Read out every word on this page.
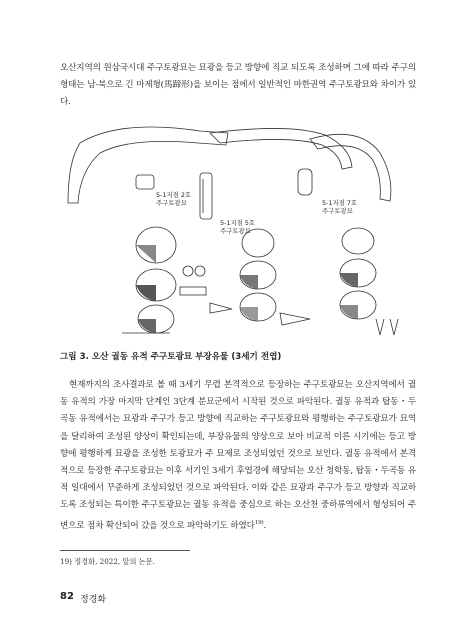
오산지역의 원삼국시대 주구토광묘는 묘광을 등고 방향에 직교 되도록 조성하며 그에 따라 주구의 형태는 남-북으로 긴 마제형(馬蹄形)을 보이는 점에서 일반적인 마한권역 주구토광묘와 차이가 있다.

5-1지점 2호 주구토광묘
5-1지점 5호 주구토광묘
5-1지점 7호 주구토광묘
그림 3. 오산 궐동 유적 주구토광묘 부장유물 (3세기 전엽)

현재까지의 조사결과로 볼 때 3세기 무렵 본격적으로 등장하는 주구토광묘는 오산지역에서 궐동 유적의 가장 마지막 단계인 3단계 분묘군에서 시작된 것으로 파악된다. 궐동 유적과 탑동・두곡동 유적에서는 묘광과 주구가 등고 방향에 직교하는 주구토광묘와 평행하는 주구토광묘가 묘역을 달리하여 조성된 양상이 확인되는데, 부장유물의 양상으로 보아 비교적 이른 시기에는 등고 방향에 평행하게 묘광을 조성한 토광묘가 주 묘제로 조성되었던 것으로 보인다. 궐동 유적에서 본격적으로 등장한 주구토광묘는 이후 서기인 3세기 후엽경에 해당되는 오산 청학동, 탑동・두곡동 유적 일대에서 꾸준하게 조성되었던 것으로 파악된다. 이와 같은 묘광과 주구가 등고 방향과 직교하도록 조성되는 특이한 주구토광묘는 궐동 유적을 중심으로 하는 오산천 중하류역에서 형성되어 주변으로 점차 확산되어 갔을 것으로 파악하기도 하였다$^{19)}$.

19) 정경화, 2022, 앞의 논문.
82 정경화
